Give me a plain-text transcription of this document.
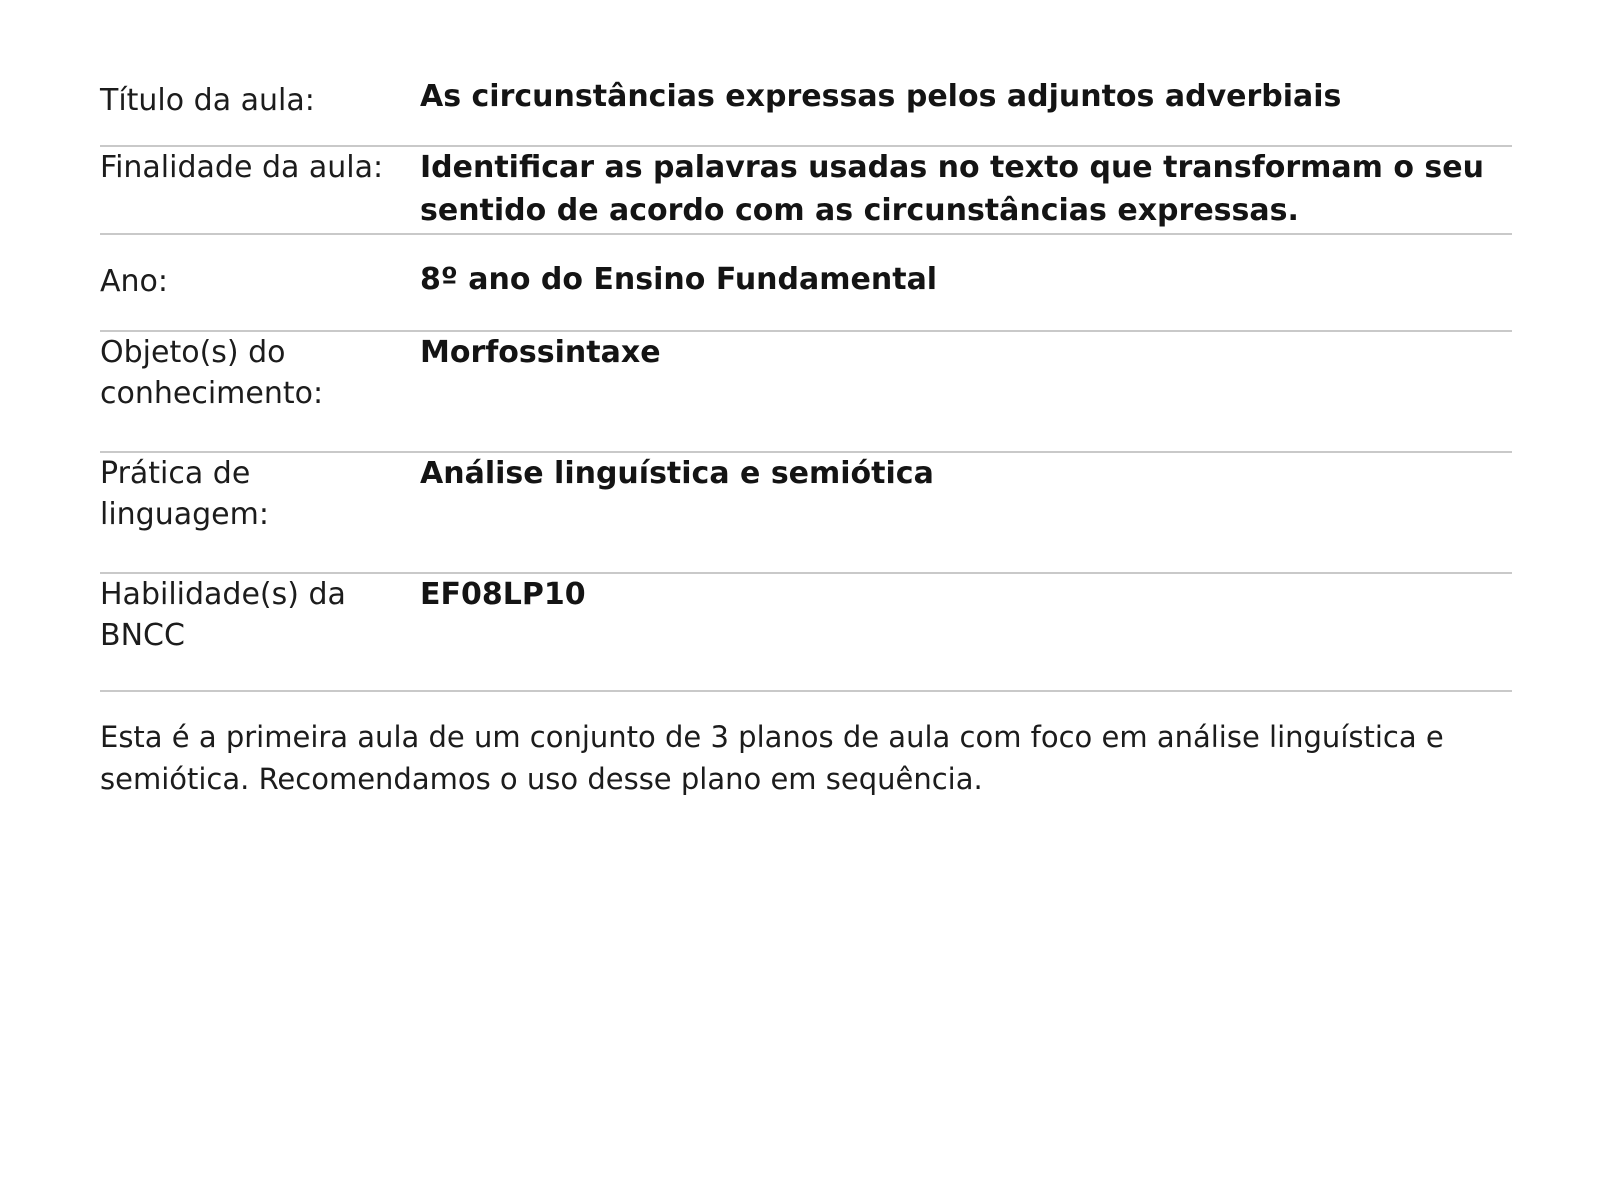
Título da aula:	As circunstâncias expressas pelos adjuntos adverbiais
Finalidade da aula:	Identificar as palavras usadas no texto que transformam o seu sentido de acordo com as circunstâncias expressas.
Ano:	8º ano do Ensino Fundamental
Objeto(s) do conhecimento:	Morfossintaxe
Prática de linguagem:	Análise linguística e semiótica
Habilidade(s) da BNCC	EF08LP10
Esta é a primeira aula de um conjunto de 3 planos de aula com foco em análise linguística e semiótica. Recomendamos o uso desse plano em sequência.
